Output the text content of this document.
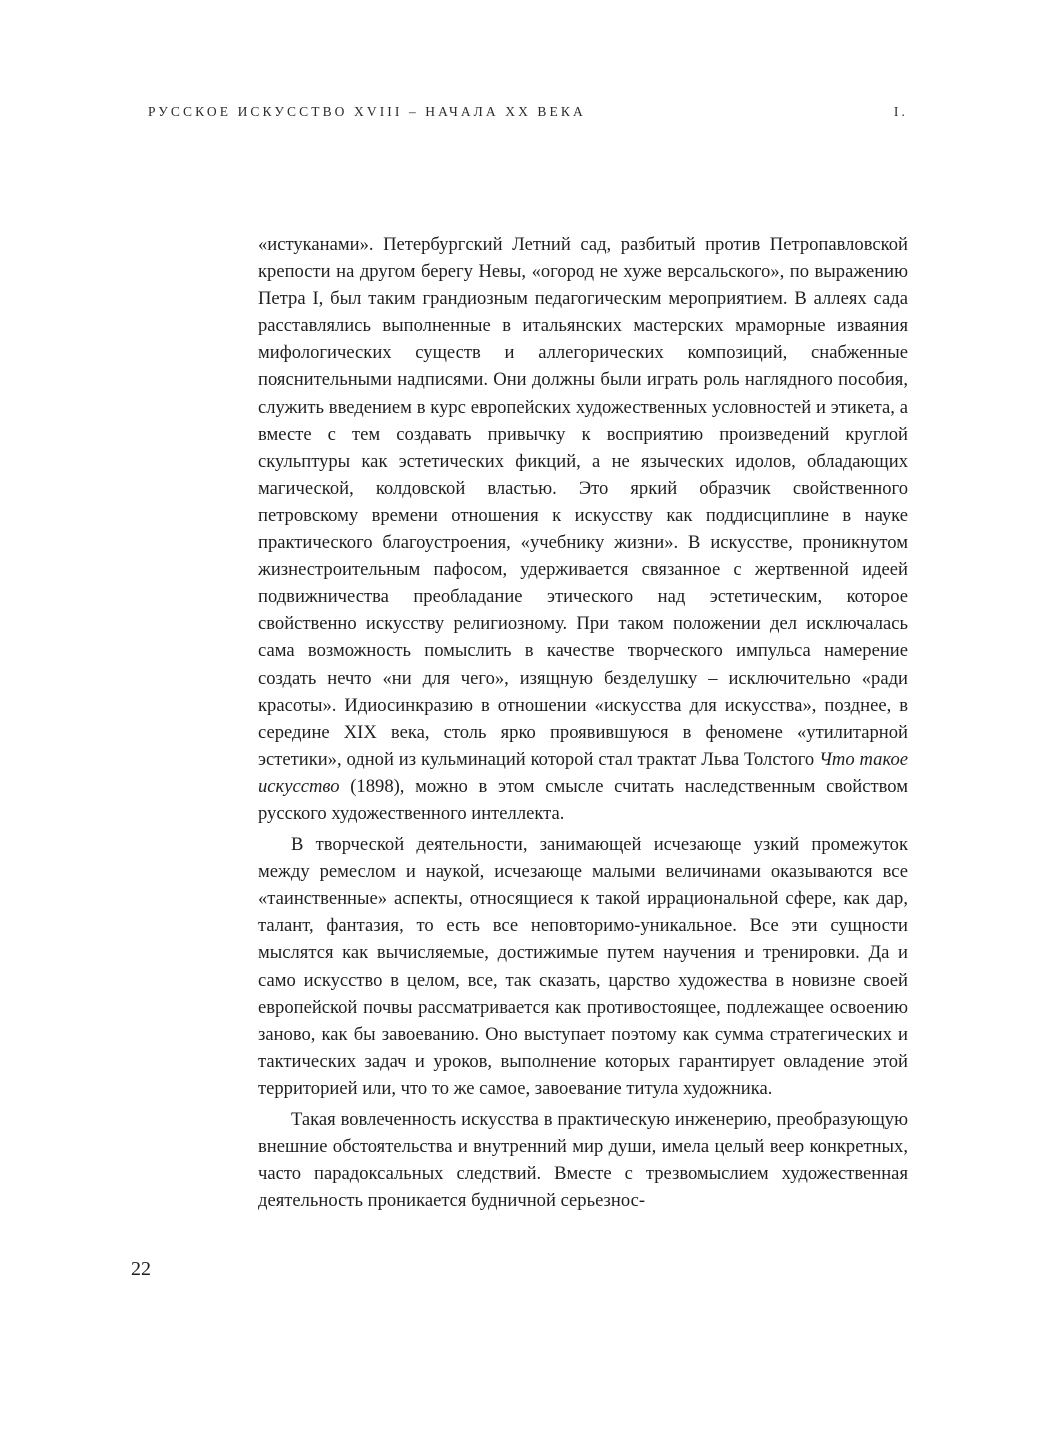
РУССКОЕ ИСКУССТВО XVIII – НАЧАЛА XX ВЕКА	I.

«истуканами». Петербургский Летний сад, разбитый против Петропавловской крепости на другом берегу Невы, «огород не хуже версальского», по выражению Петра I, был таким грандиозным педагогическим мероприятием. В аллеях сада расставлялись выполненные в итальянских мастерских мраморные изваяния мифологических существ и аллегорических композиций, снабженные пояснительными надписями. Они должны были играть роль наглядного пособия, служить введением в курс европейских художественных условностей и этикета, а вместе с тем создавать привычку к восприятию произведений круглой скульптуры как эстетических фикций, а не языческих идолов, обладающих магической, колдовской властью. Это яркий образчик свойственного петровскому времени отношения к искусству как поддисциплине в науке практического благоустроения, «учебнику жизни». В искусстве, проникнутом жизнестроительным пафосом, удерживается связанное с жертвенной идеей подвижничества преобладание этического над эстетическим, которое свойственно искусству религиозному. При таком положении дел исключалась сама возможность помыслить в качестве творческого импульса намерение создать нечто «ни для чего», изящную безделушку – исключительно «ради красоты». Идиосинкразию в отношении «искусства для искусства», позднее, в середине XIX века, столь ярко проявившуюся в феномене «утилитарной эстетики», одной из кульминаций которой стал трактат Льва Толстого Что такое искусство (1898), можно в этом смысле считать наследственным свойством русского художественного интеллекта.

В творческой деятельности, занимающей исчезающе узкий промежуток между ремеслом и наукой, исчезающе малыми величинами оказываются все «таинственные» аспекты, относящиеся к такой иррациональной сфере, как дар, талант, фантазия, то есть все неповторимо-уникальное. Все эти сущности мыслятся как вычисляемые, достижимые путем научения и тренировки. Да и само искусство в целом, все, так сказать, царство художества в новизне своей европейской почвы рассматривается как противостоящее, подлежащее освоению заново, как бы завоеванию. Оно выступает поэтому как сумма стратегических и тактических задач и уроков, выполнение которых гарантирует овладение этой территорией или, что то же самое, завоевание титула художника.

Такая вовлеченность искусства в практическую инженерию, преобразующую внешние обстоятельства и внутренний мир души, имела целый веер конкретных, часто парадоксальных следствий. Вместе с трезвомыслием художественная деятельность проникается будничной серьезнос-

22
